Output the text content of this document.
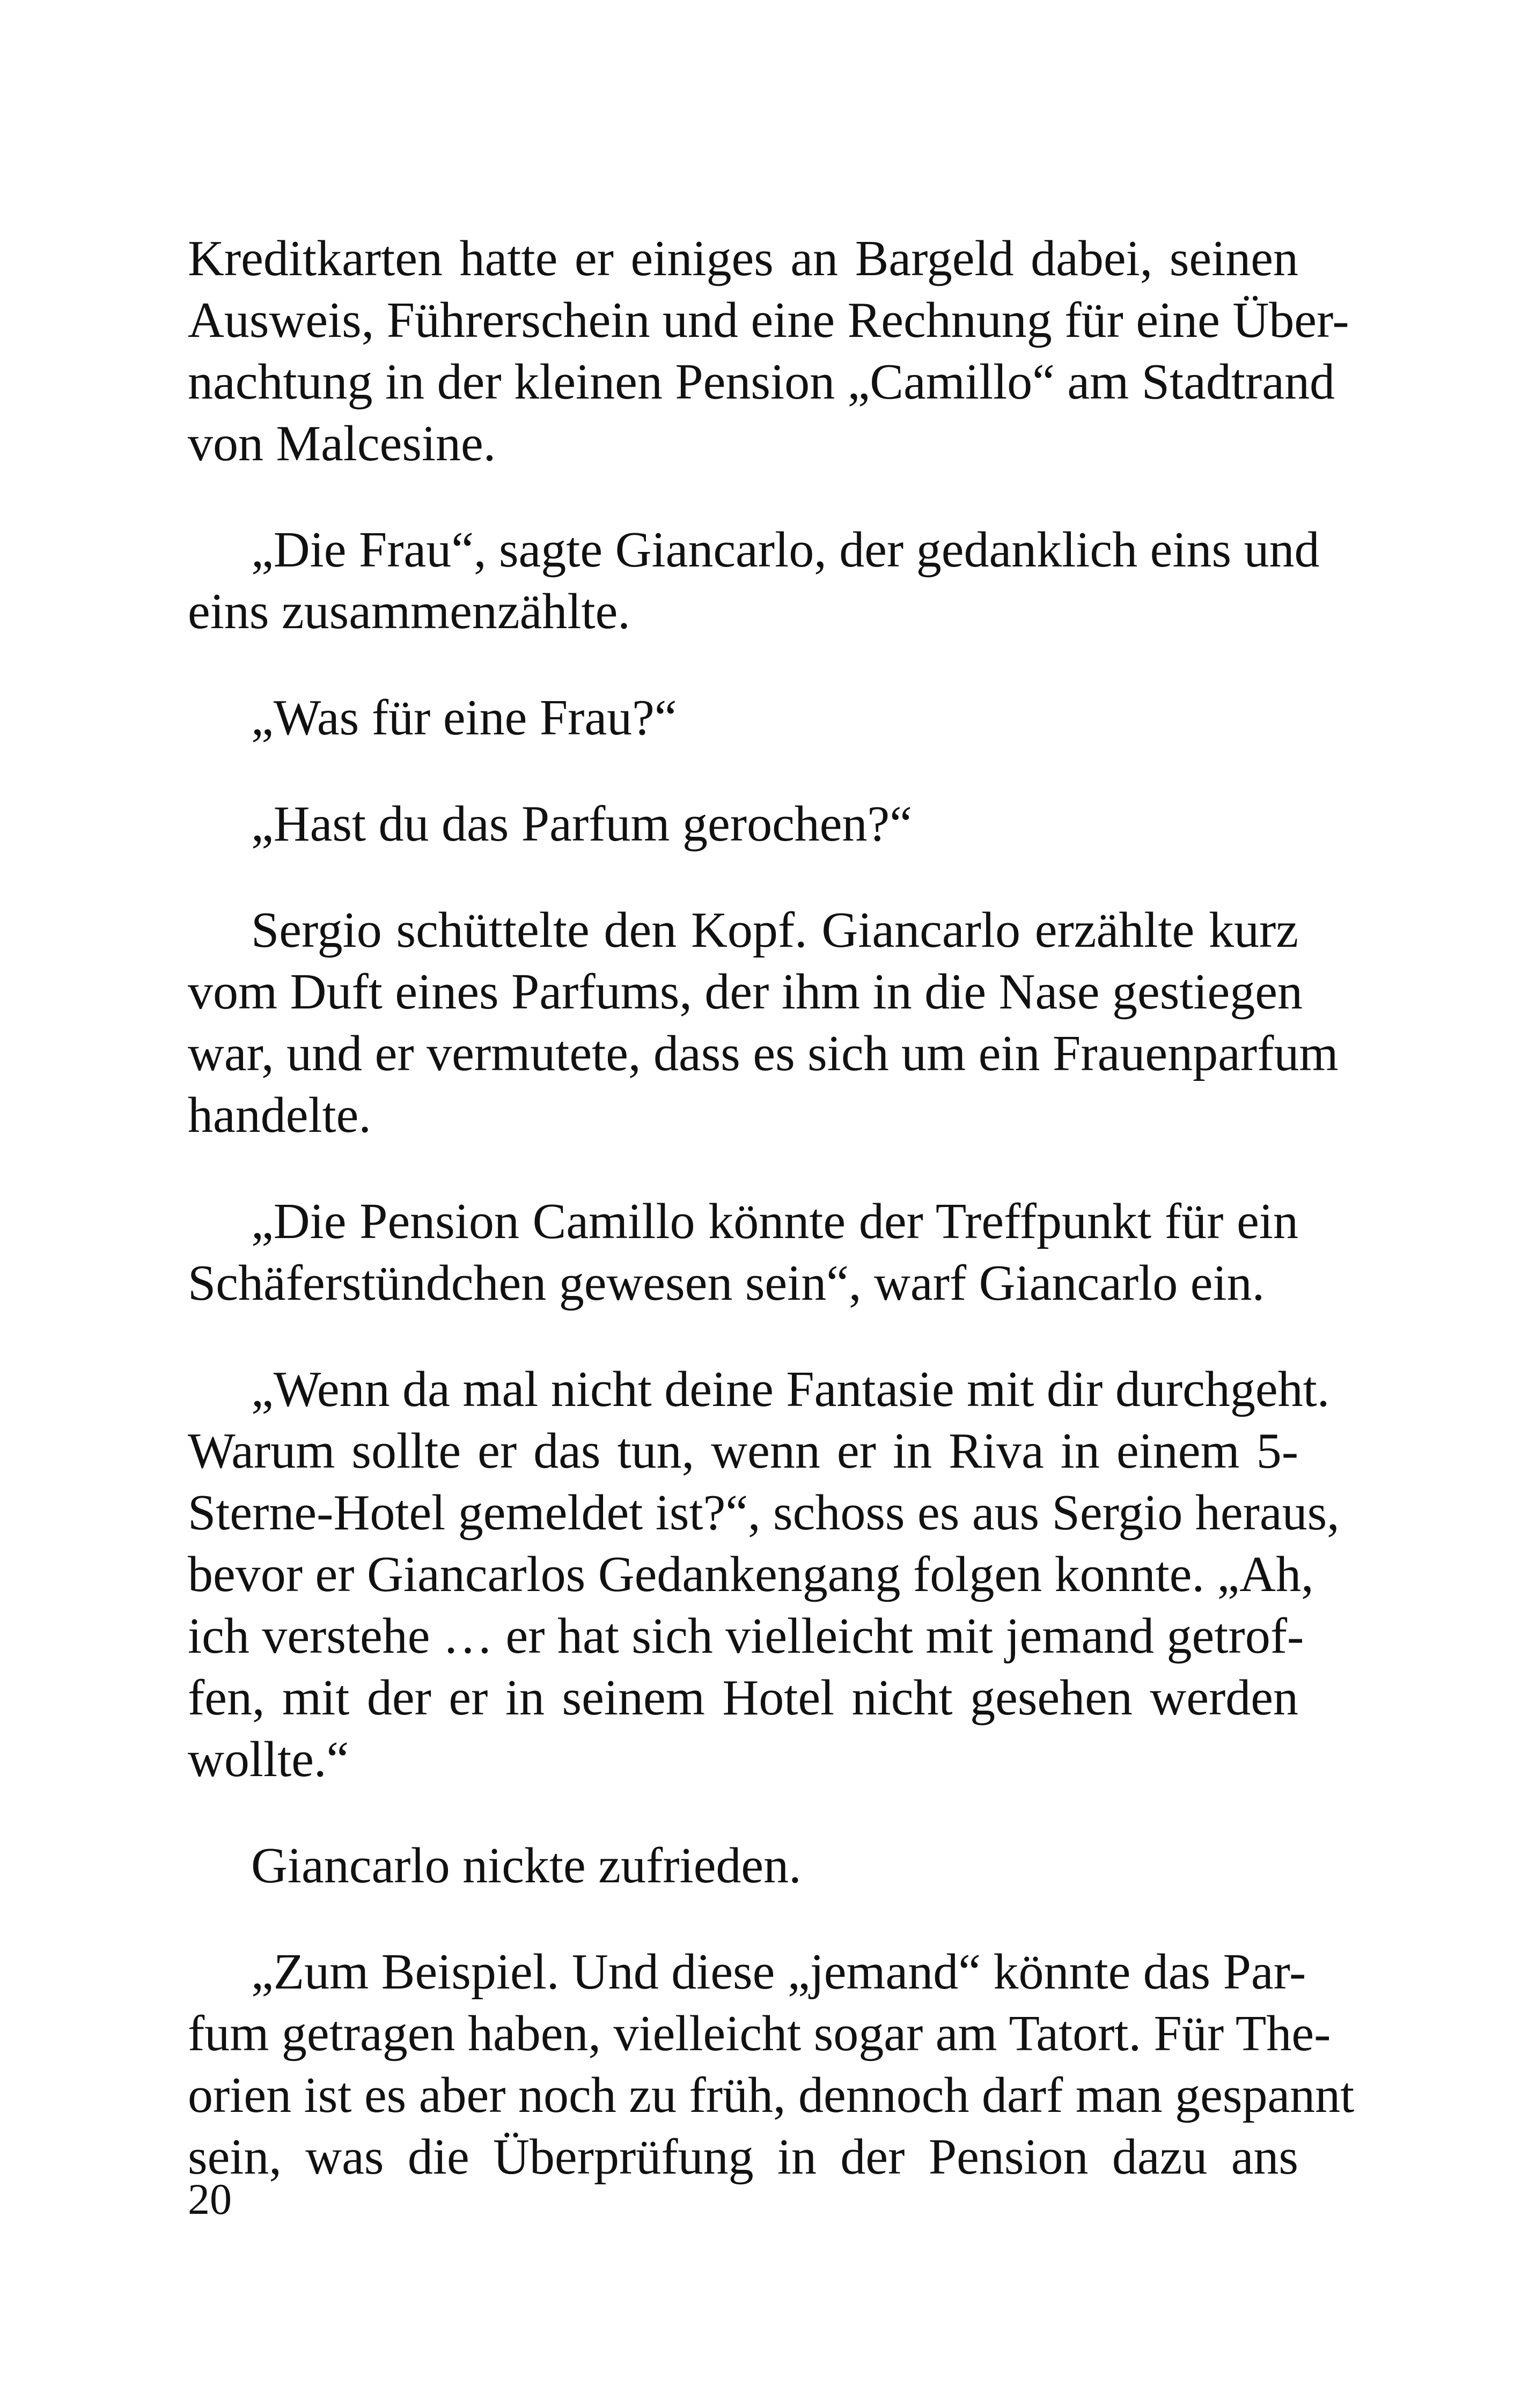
Kreditkarten hatte er einiges an Bargeld dabei, seinen
Ausweis, Führerschein und eine Rechnung für eine Über-
nachtung in der kleinen Pension „Camillo“ am Stadtrand
von Malcesine.
„Die Frau“, sagte Giancarlo, der gedanklich eins und
eins zusammenzählte.
„Was für eine Frau?“
„Hast du das Parfum gerochen?“
Sergio schüttelte den Kopf. Giancarlo erzählte kurz
vom Duft eines Parfums, der ihm in die Nase gestiegen
war, und er vermutete, dass es sich um ein Frauenparfum
handelte.
„Die Pension Camillo könnte der Treffpunkt für ein
Schäferstündchen gewesen sein“, warf Giancarlo ein.
„Wenn da mal nicht deine Fantasie mit dir durchgeht.
Warum sollte er das tun, wenn er in Riva in einem 5-
Sterne-Hotel gemeldet ist?“, schoss es aus Sergio heraus,
bevor er Giancarlos Gedankengang folgen konnte. „Ah,
ich verstehe … er hat sich vielleicht mit jemand getrof-
fen, mit der er in seinem Hotel nicht gesehen werden
wollte.“
Giancarlo nickte zufrieden.
„Zum Beispiel. Und diese „jemand“ könnte das Par-
fum getragen haben, vielleicht sogar am Tatort. Für The-
orien ist es aber noch zu früh, dennoch darf man gespannt
sein, was die Überprüfung in der Pension dazu ans
20
